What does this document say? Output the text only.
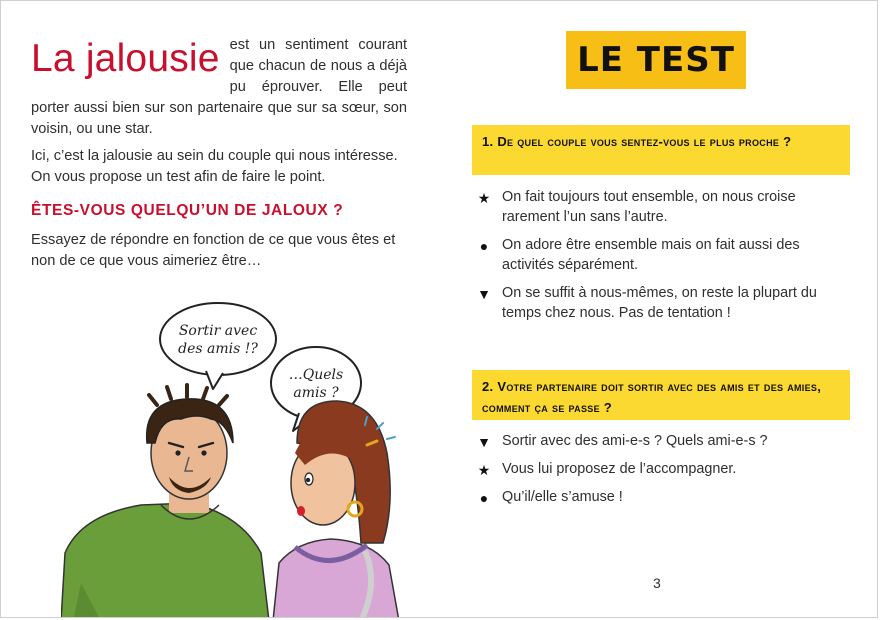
La jalousie est un sentiment courant que chacun de nous a déjà pu éprouver. Elle peut porter aussi bien sur son partenaire que sur sa sœur, son voisin, ou une star.

Ici, c’est la jalousie au sein du couple qui nous intéresse. On vous propose un test afin de faire le point.

ÊTES-VOUS QUELQU’UN DE JALOUX ?

Essayez de répondre en fonction de ce que vous êtes et non de ce que vous aimeriez être…

Sortir avec
des amis !?
…Quels
amis ?
LE TEST
1. De quel couple vous sentez-vous le plus proche ?
★ On fait toujours tout ensemble, on nous croise rarement l’un sans l’autre.
● On adore être ensemble mais on fait aussi des activités séparément.
▼ On se suffit à nous-mêmes, on reste la plupart du temps chez nous. Pas de tentation !
2. Votre partenaire doit sortir avec des amis et des amies, comment ça se passe ?
▼ Sortir avec des ami-e-s ? Quels ami-e-s ?
★ Vous lui proposez de l’accompagner.
● Qu’il/elle s’amuse !
3
